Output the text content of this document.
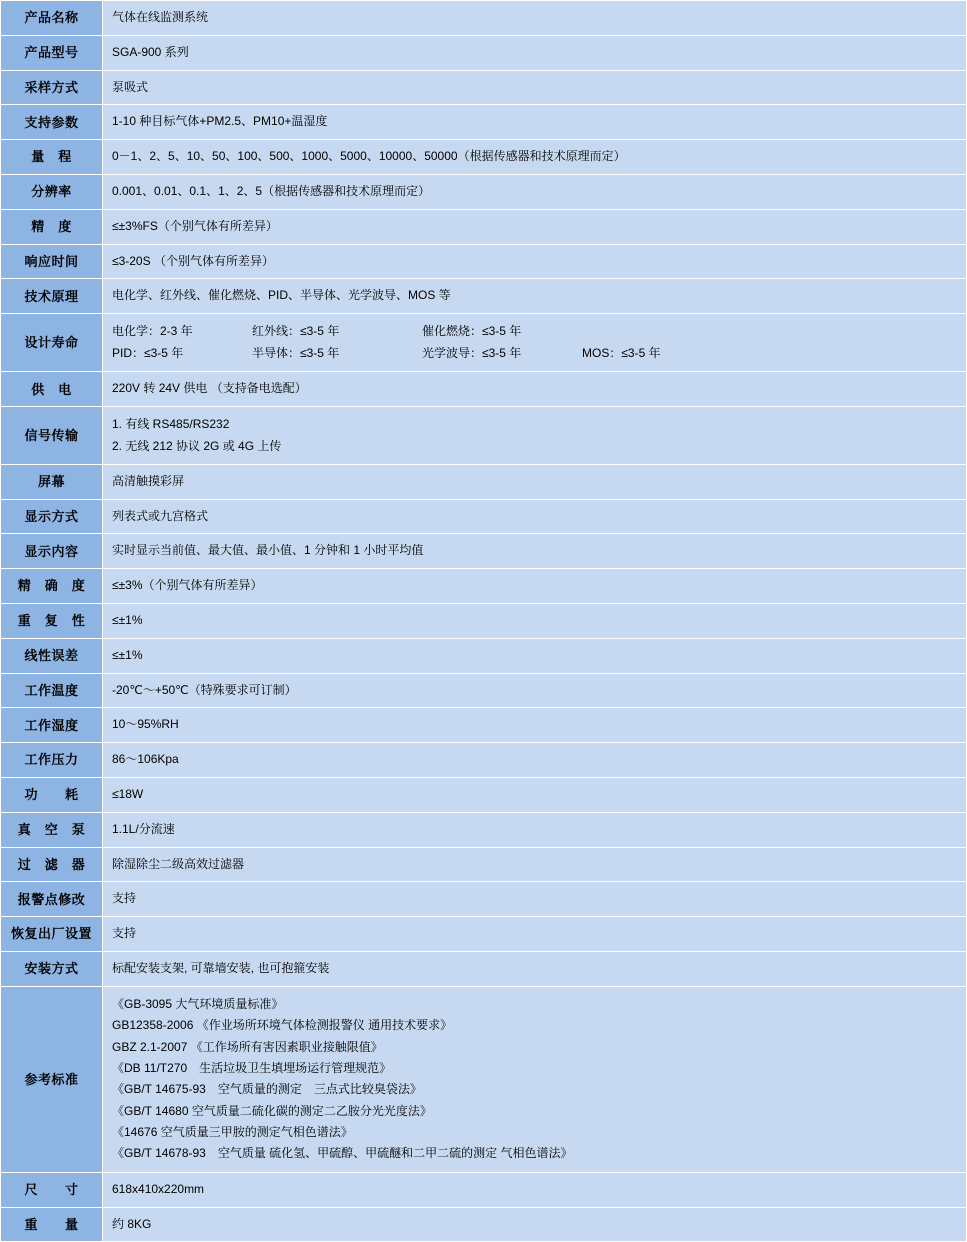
产品名称	气体在线监测系统

产品型号	SGA-900 系列

采样方式	泵吸式

支持参数	1-10 种目标气体+PM2.5、PM10+温湿度

量　程	0－1、2、5、10、50、100、500、1000、5000、10000、50000（根据传感器和技术原理而定）

分辨率	0.001、0.01、0.1、1、2、5（根据传感器和技术原理而定）

精　度	≤±3%FS（个别气体有所差异）

响应时间	≤3-20S （个别气体有所差异）

技术原理	电化学、红外线、催化燃烧、PID、半导体、光学波导、MOS 等

设计寿命	电化学：2-3 年 红外线：≤3-5 年 催化燃烧：≤3-5 年
PID：≤3-5 年 半导体：≤3-5 年 光学波导：≤3-5 年 MOS：≤3-5 年

供　电	220V 转 24V 供电 （支持备电选配）

信号传输	1. 有线 RS485/RS232
2. 无线 212 协议 2G 或 4G 上传

屏幕	高清触摸彩屏

显示方式	列表式或九宫格式

显示内容	实时显示当前值、最大值、最小值、1 分钟和 1 小时平均值

精　确　度	≤±3%（个别气体有所差异）

重　复　性	≤±1%

线性误差	≤±1%

工作温度	-20℃～+50℃（特殊要求可订制）

工作湿度	10～95%RH

工作压力	86～106Kpa

功　　耗	≤18W

真　空　泵	1.1L/分流速

过　滤　器	除湿除尘二级高效过滤器

报警点修改	支持

恢复出厂设置	支持

安装方式	标配安装支架, 可靠墙安装, 也可抱箍安装

参考标准	
《GB-3095 大气环境质量标准》
GB12358-2006 《作业场所环境气体检测报警仪 通用技术要求》
GBZ 2.1-2007 《工作场所有害因素职业接触限值》
《DB 11/T270　生活垃圾卫生填埋场运行管理规范》
《GB/T 14675-93　空气质量的测定　三点式比较臭袋法》
《GB/T 14680 空气质量二硫化碳的测定二乙胺分光光度法》
《14676 空气质量三甲胺的测定气相色谱法》
《GB/T 14678-93　空气质量 硫化氢、甲硫醇、甲硫醚和二甲二硫的测定 气相色谱法》

尺　　寸	618x410x220mm

重　　量	约 8KG
